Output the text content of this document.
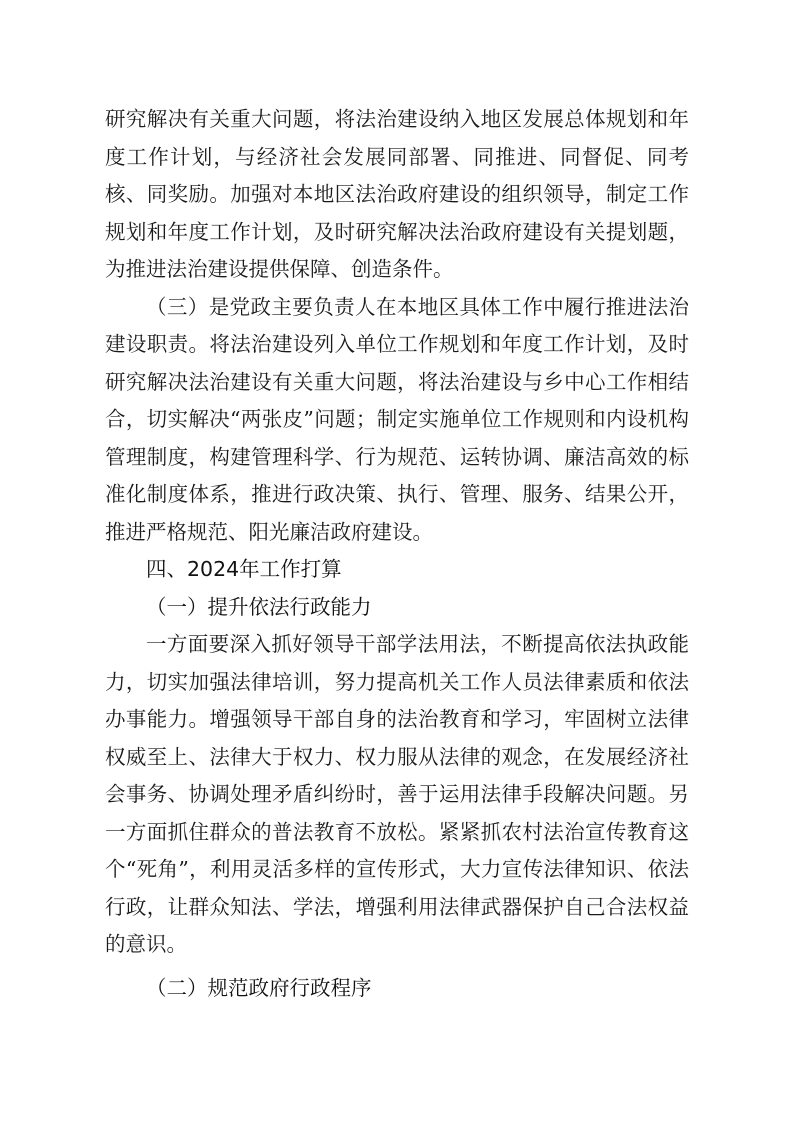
研究解决有关重大问题，将法治建设纳入地区发展总体规划和年度工作计划，与经济社会发展同部署、同推进、同督促、同考核、同奖励。加强对本地区法治政府建设的组织领导，制定工作规划和年度工作计划，及时研究解决法治政府建设有关提划题，为推进法治建设提供保障、创造条件。

（三）是党政主要负责人在本地区具体工作中履行推进法治建设职责。将法治建设列入单位工作规划和年度工作计划，及时研究解决法治建设有关重大问题，将法治建设与乡中心工作相结合，切实解决“两张皮”问题；制定实施单位工作规则和内设机构管理制度，构建管理科学、行为规范、运转协调、廉洁高效的标准化制度体系，推进行政决策、执行、管理、服务、结果公开，推进严格规范、阳光廉洁政府建设。

四、2024年工作打算

（一）提升依法行政能力

一方面要深入抓好领导干部学法用法，不断提高依法执政能力，切实加强法律培训，努力提高机关工作人员法律素质和依法办事能力。增强领导干部自身的法治教育和学习，牢固树立法律权威至上、法律大于权力、权力服从法律的观念，在发展经济社会事务、协调处理矛盾纠纷时，善于运用法律手段解决问题。另一方面抓住群众的普法教育不放松。紧紧抓农村法治宣传教育这个“死角”，利用灵活多样的宣传形式，大力宣传法律知识、依法行政，让群众知法、学法，增强利用法律武器保护自己合法权益的意识。

（二）规范政府行政程序
